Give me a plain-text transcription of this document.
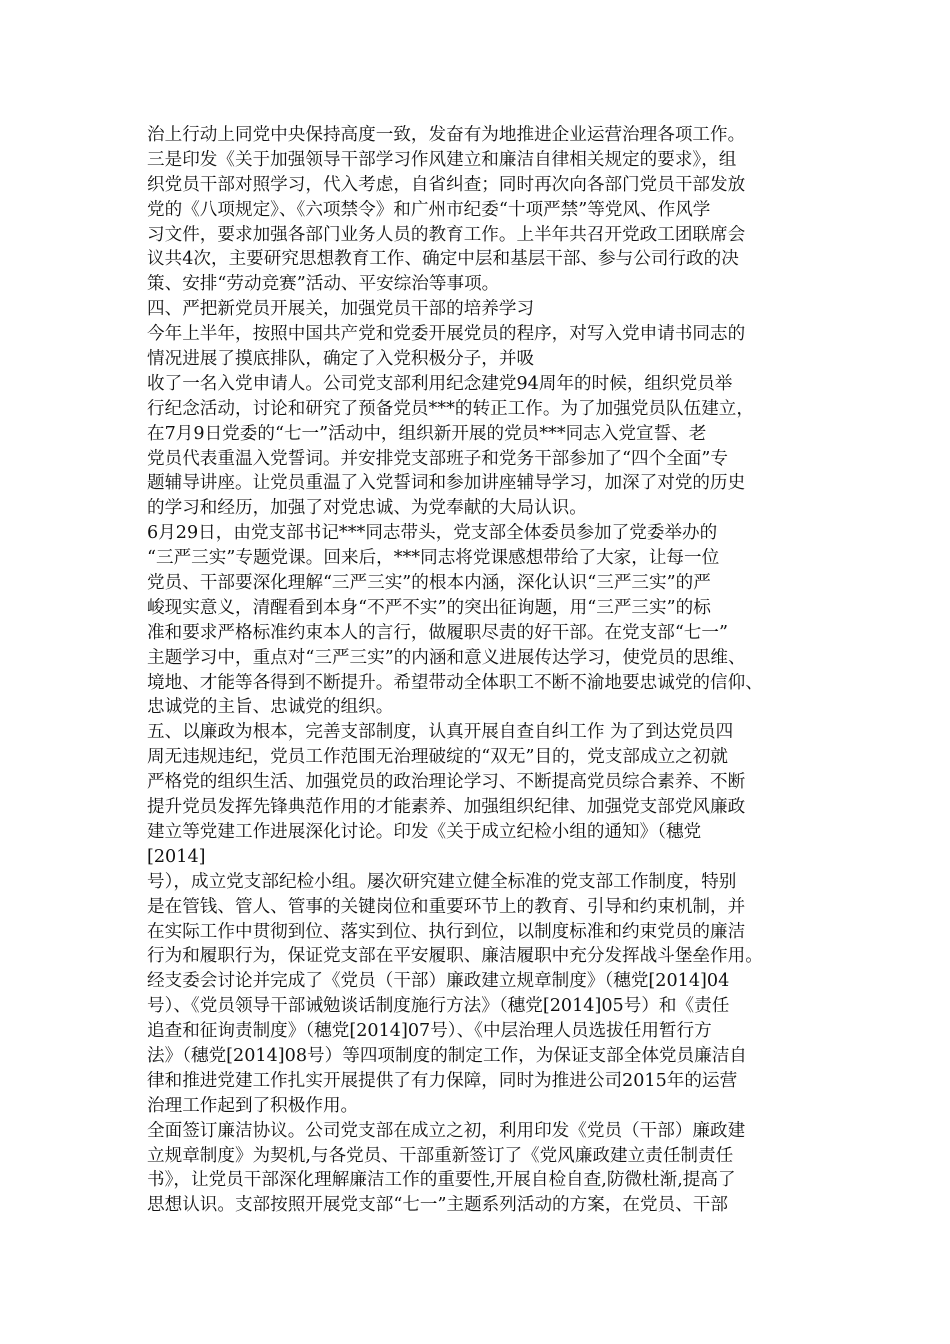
治上行动上同党中央保持高度一致，发奋有为地推进企业运营治理各项工作。
三是印发《关于加强领导干部学习作风建立和廉洁自律相关规定的要求》，组
织党员干部对照学习，代入考虑，自省纠查；同时再次向各部门党员干部发放
党的《八项规定》、《六项禁令》和广州市纪委“十项严禁”等党风、作风学
习文件，要求加强各部门业务人员的教育工作。上半年共召开党政工团联席会
议共4次，主要研究思想教育工作、确定中层和基层干部、参与公司行政的决
策、安排“劳动竞赛”活动、平安综治等事项。
四、严把新党员开展关，加强党员干部的培养学习
今年上半年，按照中国共产党和党委开展党员的程序，对写入党申请书同志的
情况进展了摸底排队，确定了入党积极分子，并吸
收了一名入党申请人。公司党支部利用纪念建党94周年的时候，组织党员举
行纪念活动，讨论和研究了预备党员***的转正工作。为了加强党员队伍建立，
在7月9日党委的“七一”活动中，组织新开展的党员***同志入党宣誓、老
党员代表重温入党誓词。并安排党支部班子和党务干部参加了“四个全面”专
题辅导讲座。让党员重温了入党誓词和参加讲座辅导学习，加深了对党的历史
的学习和经历，加强了对党忠诚、为党奉献的大局认识。
6月29日，由党支部书记***同志带头，党支部全体委员参加了党委举办的
“三严三实”专题党课。回来后，***同志将党课感想带给了大家，让每一位
党员、干部要深化理解“三严三实”的根本内涵，深化认识“三严三实”的严
峻现实意义，清醒看到本身“不严不实”的突出征询题，用“三严三实”的标
准和要求严格标准约束本人的言行，做履职尽责的好干部。在党支部“七一”
主题学习中，重点对“三严三实”的内涵和意义进展传达学习，使党员的思维、
境地、才能等各得到不断提升。希望带动全体职工不断不渝地要忠诚党的信仰、
忠诚党的主旨、忠诚党的组织。
五、以廉政为根本，完善支部制度，认真开展自查自纠工作 为了到达党员四
周无违规违纪，党员工作范围无治理破绽的“双无”目的，党支部成立之初就
严格党的组织生活、加强党员的政治理论学习、不断提高党员综合素养、不断
提升党员发挥先锋典范作用的才能素养、加强组织纪律、加强党支部党风廉政
建立等党建工作进展深化讨论。印发《关于成立纪检小组的通知》（穗党
[2014]
号），成立党支部纪检小组。屡次研究建立健全标准的党支部工作制度，特别
是在管钱、管人、管事的关键岗位和重要环节上的教育、引导和约束机制，并
在实际工作中贯彻到位、落实到位、执行到位，以制度标准和约束党员的廉洁
行为和履职行为，保证党支部在平安履职、廉洁履职中充分发挥战斗堡垒作用。
经支委会讨论并完成了《党员（干部）廉政建立规章制度》（穗党[2014]04
号）、《党员领导干部诫勉谈话制度施行方法》（穗党[2014]05号）和《责任
追查和征询责制度》（穗党[2014]07号）、《中层治理人员选拔任用暂行方
法》（穗党[2014]08号）等四项制度的制定工作，为保证支部全体党员廉洁自
律和推进党建工作扎实开展提供了有力保障，同时为推进公司2015年的运营
治理工作起到了积极作用。
全面签订廉洁协议。公司党支部在成立之初，利用印发《党员（干部）廉政建
立规章制度》为契机,与各党员、干部重新签订了《党风廉政建立责任制责任
书》，让党员干部深化理解廉洁工作的重要性,开展自检自查,防微杜渐,提高了
思想认识。支部按照开展党支部“七一”主题系列活动的方案，在党员、干部
